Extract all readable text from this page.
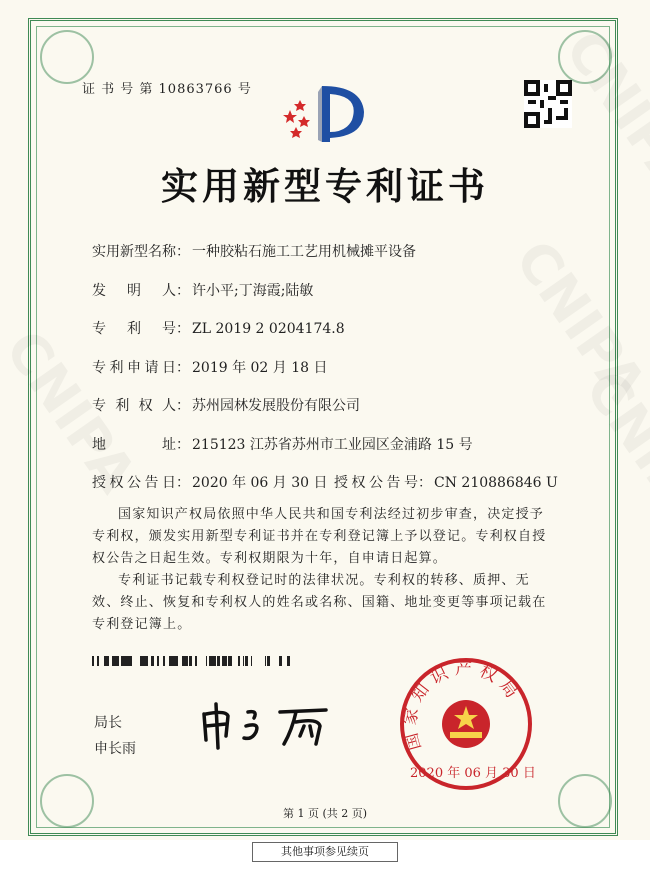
证 书 号 第 10863766 号
实用新型专利证书
实用新型名称： 一种胶粘石施工工艺用机械摊平设备
发明人： 许小平;丁海霞;陆敏
专利号： ZL 2019 2 0204174.8
专利申请日： 2019 年 02 月 18 日
专利权人： 苏州园林发展股份有限公司
地址： 215123 江苏省苏州市工业园区金浦路 15 号
授权公告日： 2020 年 06 月 30 日 授权公告号： CN 210886846 U
国家知识产权局依照中华人民共和国专利法经过初步审查，决定授予专利权，颁发实用新型专利证书并在专利登记簿上予以登记。专利权自授权公告之日起生效。专利权期限为十年，自申请日起算。
专利证书记载专利权登记时的法律状况。专利权的转移、质押、无效、终止、恢复和专利权人的姓名或名称、国籍、地址变更等事项记载在专利登记簿上。
局长
申长雨	国家知识产权局
2020 年 06 月 30 日
第 1 页 (共 2 页)
其他事项参见续页
